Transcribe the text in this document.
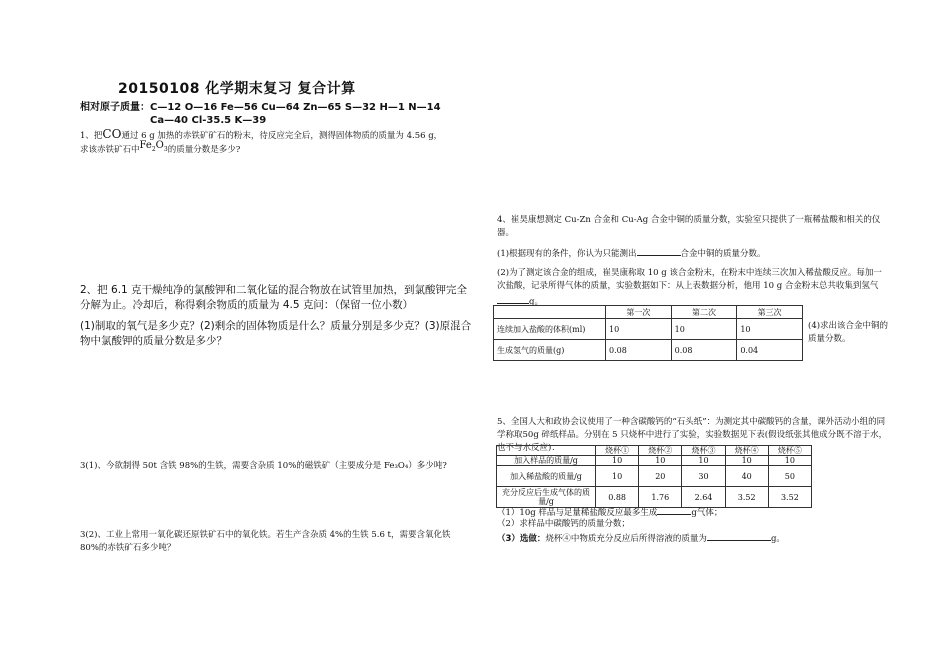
20150108 化学期末复习 复合计算
相对原子质量：C—12 O—16 Fe—56 Cu—64 Zn—65 S—32 H—1 N—14
Ca—40 Cl-35.5 K—39
1、把CO通过 6 g 加热的赤铁矿矿石的粉末，待反应完全后，测得固体物质的质量为 4.56 g，
求该赤铁矿石中$Fe_2O_3$的质量分数是多少?
2、把 6.1 克干燥纯净的氯酸钾和二氧化锰的混合物放在试管里加热，到氯酸钾完全分解为止。冷却后，称得剩余物质的质量为 4.5 克问：（保留一位小数）
(1)制取的氧气是多少克？(2)剩余的固体物质是什么？质量分别是多少克？(3)原混合物中氯酸钾的质量分数是多少？
3(1)、今欲制得 50t 含铁 98%的生铁，需要含杂质 10%的磁铁矿（主要成分是 Fe₃O₄）多少吨?
3(2)、工业上常用一氧化碳还原铁矿石中的氧化铁。若生产含杂质 4%的生铁 5.6 t，需要含氧化铁 80%的赤铁矿石多少吨？
4、崔昊康想测定 Cu-Zn 合金和 Cu-Ag 合金中铜的质量分数，实验室只提供了一瓶稀盐酸和相关的仪器。
(1)根据现有的条件，你认为只能测出	合金中铜的质量分数。
(2)为了测定该合金的组成，崔昊康称取 10 g 该合金粉末，在粉末中连续三次加入稀盐酸反应。每加一次盐酸，记录所得气体的质量，实验数据如下：从上表数据分析，他用 10 g 合金粉末总共收集到氢气g。
	第一次	第二次	第三次
连续加入盐酸的体积(ml)	10	10	10
生成氢气的质量(g)	0.08	0.08	0.04
(4)求出该合金中铜的质量分数。
5、全国人大和政协会议使用了一种含碳酸钙的“石头纸”：为测定其中碳酸钙的含量，课外活动小组的同学称取50g 碎纸样品。分别在 5 只烧杯中进行了实验，实验数据见下表(假设纸张其他成分既不溶于水，也不与水反应)：
		烧杯①	烧杯②	烧杯③	烧杯④	烧杯⑤
加入样品的质量/g	10	10	10	10	10
加入稀盐酸的质量/g	10	20	30	40	50
充分反应后生成气体的质量/g	0.88	1.76	2.64	3.52	3.52
（1）10g 样品与足量稀盐酸反应最多生成	g气体；
（2）求样品中碳酸钙的质量分数；
（3）选做：烧杯④中物质充分反应后所得溶液的质量为	g。
